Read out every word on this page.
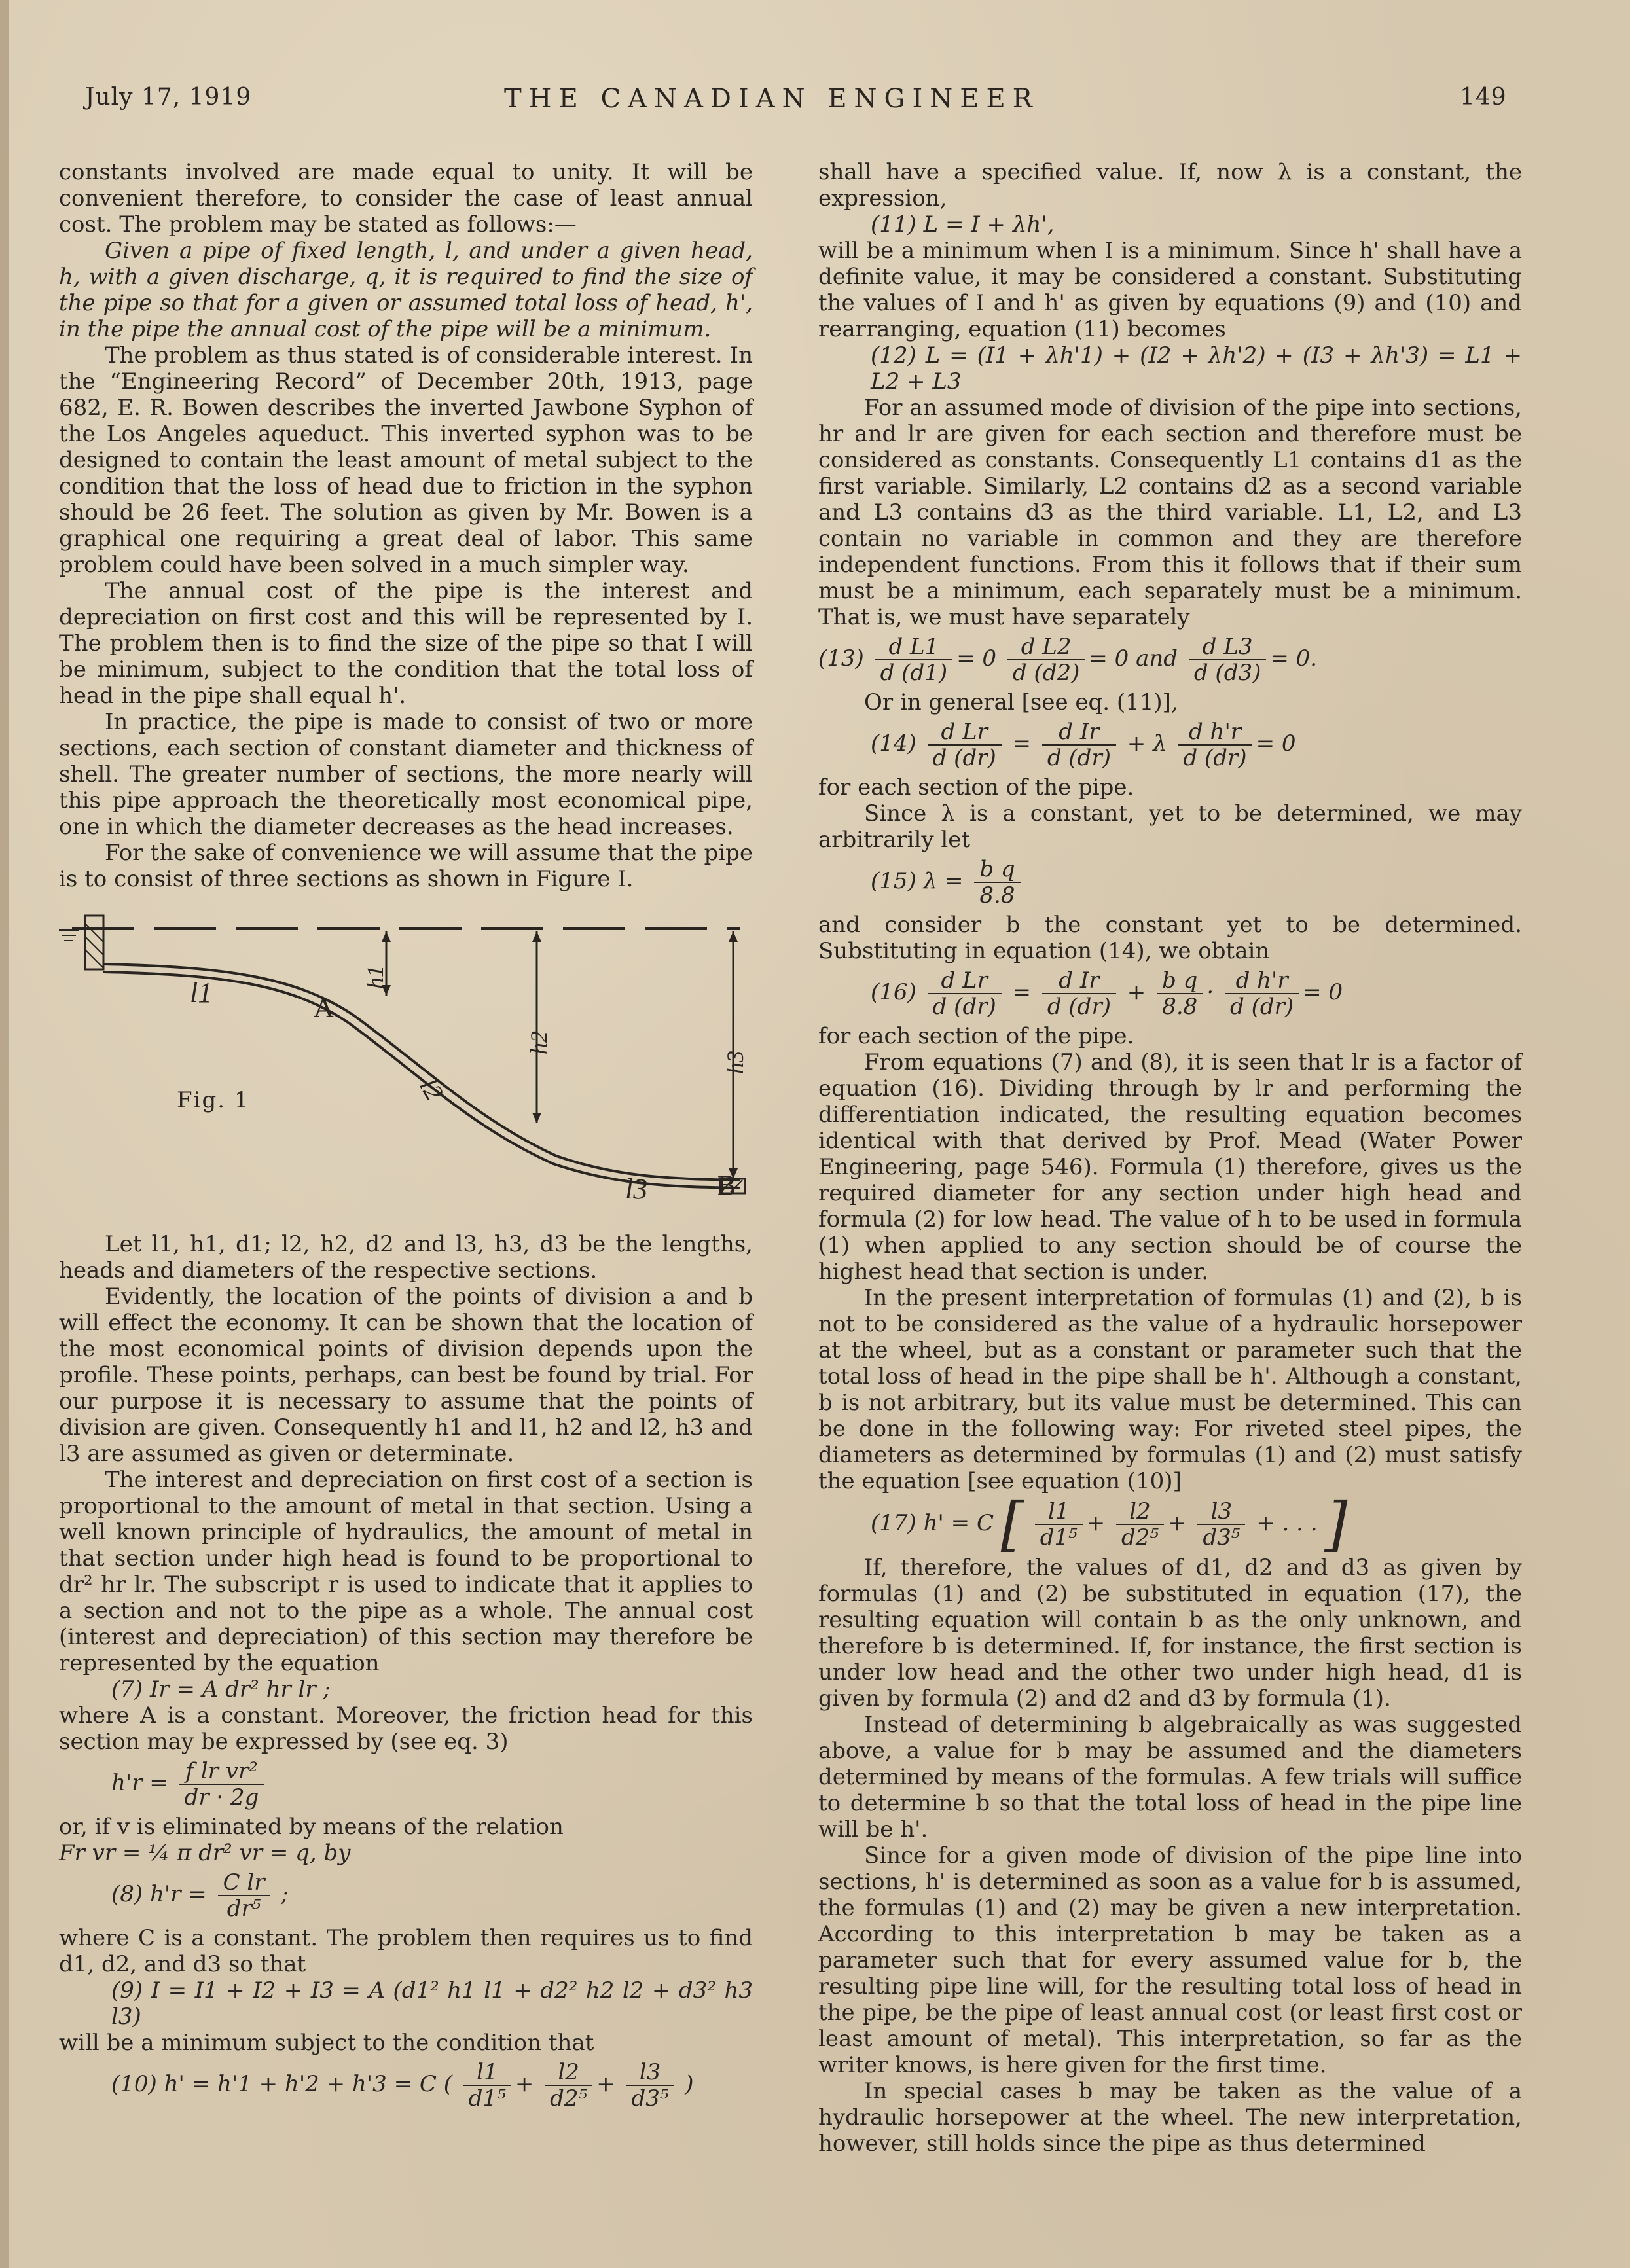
July 17, 1919	THE CANADIAN ENGINEER	149

constants involved are made equal to unity. It will be convenient therefore, to consider the case of least annual cost. The problem may be stated as follows:—

Given a pipe of fixed length, l, and under a given head, h, with a given discharge, q, it is required to find the size of the pipe so that for a given or assumed total loss of head, h', in the pipe the annual cost of the pipe will be a minimum.

The problem as thus stated is of considerable interest. In the “Engineering Record” of December 20th, 1913, page 682, E. R. Bowen describes the inverted Jawbone Syphon of the Los Angeles aqueduct. This inverted syphon was to be designed to contain the least amount of metal subject to the condition that the loss of head due to friction in the syphon should be 26 feet. The solution as given by Mr. Bowen is a graphical one requiring a great deal of labor. This same problem could have been solved in a much simpler way.

The annual cost of the pipe is the interest and depreciation on first cost and this will be represented by I. The problem then is to find the size of the pipe so that I will be minimum, subject to the condition that the total loss of head in the pipe shall equal h'.

In practice, the pipe is made to consist of two or more sections, each section of constant diameter and thickness of shell. The greater number of sections, the more nearly will this pipe approach the theoretically most economical pipe, one in which the diameter decreases as the head increases.

For the sake of convenience we will assume that the pipe is to consist of three sections as shown in Figure I.

l1
l2
l3
h1
h2
h3
A
B
Fig. 1

Let l1, h1, d1; l2, h2, d2 and l3, h3, d3 be the lengths, heads and diameters of the respective sections.

Evidently, the location of the points of division a and b will effect the economy. It can be shown that the location of the most economical points of division depends upon the profile. These points, perhaps, can best be found by trial. For our purpose it is necessary to assume that the points of division are given. Consequently h1 and l1, h2 and l2, h3 and l3 are assumed as given or determinate.

The interest and depreciation on first cost of a section is proportional to the amount of metal in that section. Using a well known principle of hydraulics, the amount of metal in that section under high head is found to be proportional to dr² hr lr. The subscript r is used to indicate that it applies to a section and not to the pipe as a whole. The annual cost (interest and depreciation) of this section may therefore be represented by the equation

(7) Ir = A dr² hr lr ;

where A is a constant. Moreover, the friction head for this section may be expressed by (see eq. 3)

$h'r = \frac{\text{f lr vr²}}{dr \cdot 2g}$

or, if v is eliminated by means of the relation

Fr vr = ¼ π dr² vr = q, by

(8) $h'r = \frac{\text{C lr}}{\text{dr⁵}}$ ;

where C is a constant. The problem then requires us to find d1, d2, and d3 so that

(9) I = I1 + I2 + I3 = A (d1² h1 l1 + d2² h2 l2 + d3² h3 l3)

will be a minimum subject to the condition that

(10) h' = h'1 + h'2 + h'3 = C ( $\frac{l1}{\text{d1⁵}} + \frac{l2}{\text{d2⁵}} + \frac{l3}{\text{d3⁵}}$ )

shall have a specified value. If, now λ is a constant, the expression,

(11) L = I + λh',

will be a minimum when I is a minimum. Since h' shall have a definite value, it may be considered a constant. Substituting the values of I and h' as given by equations (9) and (10) and rearranging, equation (11) becomes

(12) L = (I1 + λh'1) + (I2 + λh'2) + (I3 + λh'3) = L1 + L2 + L3

For an assumed mode of division of the pipe into sections, hr and lr are given for each section and therefore must be considered as constants. Consequently L1 contains d1 as the first variable. Similarly, L2 contains d2 as a second variable and L3 contains d3 as the third variable. L1, L2, and L3 contain no variable in common and they are therefore independent functions. From this it follows that if their sum must be a minimum, each separately must be a minimum. That is, we must have separately

$(13) \frac{\text{d L1}}{d (d1)} = 0 \frac{\text{d L2}}{d (d2)} = 0$ and $\frac{\text{d L3}}{d (d3)} = 0$.

Or in general [see eq. (11)],

$(14) \frac{\text{d Lr}}{d (dr)} = \frac{\text{d Ir}}{d (dr)} + \lambda \frac{\text{d h'r}}{d (dr)} = 0$

for each section of the pipe.

Since λ is a constant, yet to be determined, we may arbitrarily let

(15) $\lambda = \frac{\text{b q}}{8.8}$

and consider b the constant yet to be determined. Substituting in equation (14), we obtain

$(16) \frac{\text{d Lr}}{d (dr)} = \frac{\text{d Ir}}{d (dr)} + \frac{\text{b q}}{8.8} \cdot \frac{\text{d h'r}}{d (dr)} = 0$

for each section of the pipe.

From equations (7) and (8), it is seen that lr is a factor of equation (16). Dividing through by lr and performing the differentiation indicated, the resulting equation becomes identical with that derived by Prof. Mead (Water Power Engineering, page 546). Formula (1) therefore, gives us the required diameter for any section under high head and formula (2) for low head. The value of h to be used in formula (1) when applied to any section should be of course the highest head that section is under.

In the present interpretation of formulas (1) and (2), b is not to be considered as the value of a hydraulic horsepower at the wheel, but as a constant or parameter such that the total loss of head in the pipe shall be h'. Although a constant, b is not arbitrary, but its value must be determined. This can be done in the following way: For riveted steel pipes, the diameters as determined by formulas (1) and (2) must satisfy the equation [see equation (10)]

(17) h' = C [ $\frac{l1}{\text{d1⁵}} + \frac{l2}{\text{d2⁵}} + \frac{l3}{\text{d3⁵}}$ + . . . ]

If, therefore, the values of d1, d2 and d3 as given by formulas (1) and (2) be substituted in equation (17), the resulting equation will contain b as the only unknown, and therefore b is determined. If, for instance, the first section is under low head and the other two under high head, d1 is given by formula (2) and d2 and d3 by formula (1).

Instead of determining b algebraically as was suggested above, a value for b may be assumed and the diameters determined by means of the formulas. A few trials will suffice to determine b so that the total loss of head in the pipe line will be h'.

Since for a given mode of division of the pipe line into sections, h' is determined as soon as a value for b is assumed, the formulas (1) and (2) may be given a new interpretation. According to this interpretation b may be taken as a parameter such that for every assumed value for b, the resulting pipe line will, for the resulting total loss of head in the pipe, be the pipe of least annual cost (or least first cost or least amount of metal). This interpretation, so far as the writer knows, is here given for the first time.

In special cases b may be taken as the value of a hydraulic horsepower at the wheel. The new interpretation, however, still holds since the pipe as thus determined
